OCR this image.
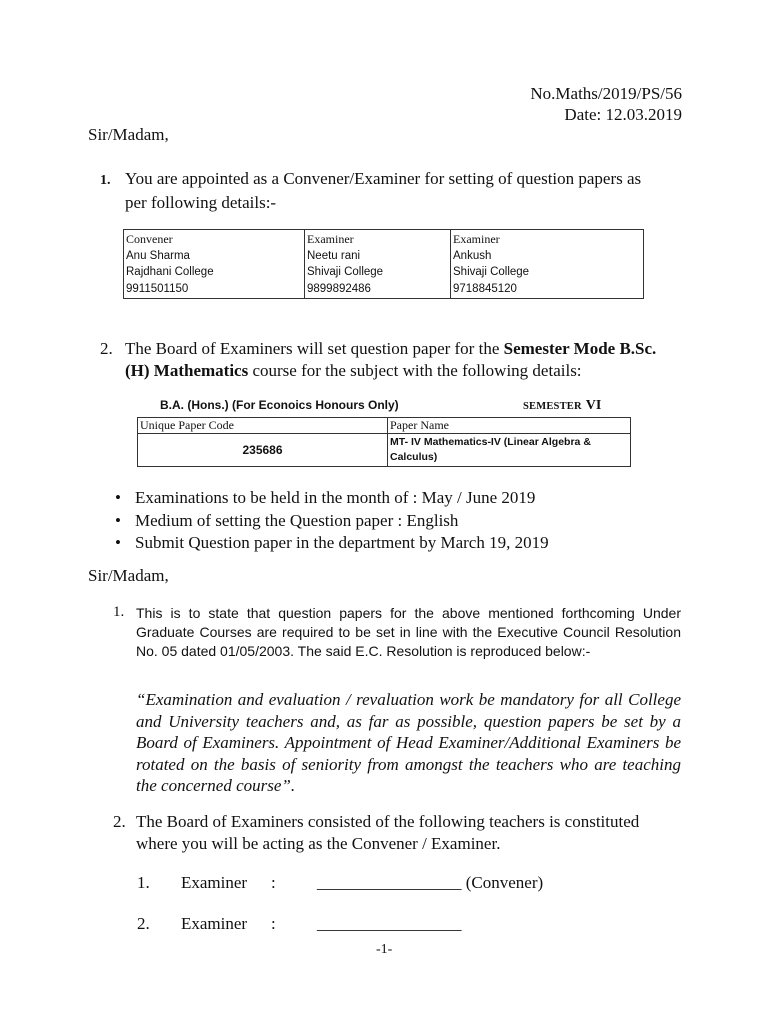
No.Maths/2019/PS/56
Date: 12.03.2019
Sir/Madam,
1. You are appointed as a Convener/Examiner for setting of question papers as
per following details:-
Convener
Anu Sharma
Rajdhani College
9911501150

Examiner
Neetu rani
Shivaji College
9899892486

Examiner
Ankush
Shivaji College
9718845120
2. The Board of Examiners will set question paper for the Semester Mode B.Sc.
(H) Mathematics course for the subject with the following details:
B.A. (Hons.) (For Econoics Honours Only)	SEMESTER VI
Unique Paper Code	Paper Name
235686	MT- IV Mathematics-IV (Linear Algebra &
Calculus)
• Examinations to be held in the month of : May / June 2019
• Medium of setting the Question paper : English
• Submit Question paper in the department by March 19, 2019
Sir/Madam,
1. This is to state that question papers for the above mentioned forthcoming Under Graduate Courses are required to be set in line with the Executive Council Resolution No. 05 dated 01/05/2003. The said E.C. Resolution is reproduced below:-
“Examination and evaluation / revaluation work be mandatory for all College and University teachers and, as far as possible, question papers be set by a Board of Examiners. Appointment of Head Examiner/Additional Examiners be rotated on the basis of seniority from amongst the teachers who are teaching the concerned course”.
2. The Board of Examiners consisted of the following teachers is constituted
where you will be acting as the Convener / Examiner.
1. Examiner : _________________ (Convener)
2. Examiner : _________________
-1-
